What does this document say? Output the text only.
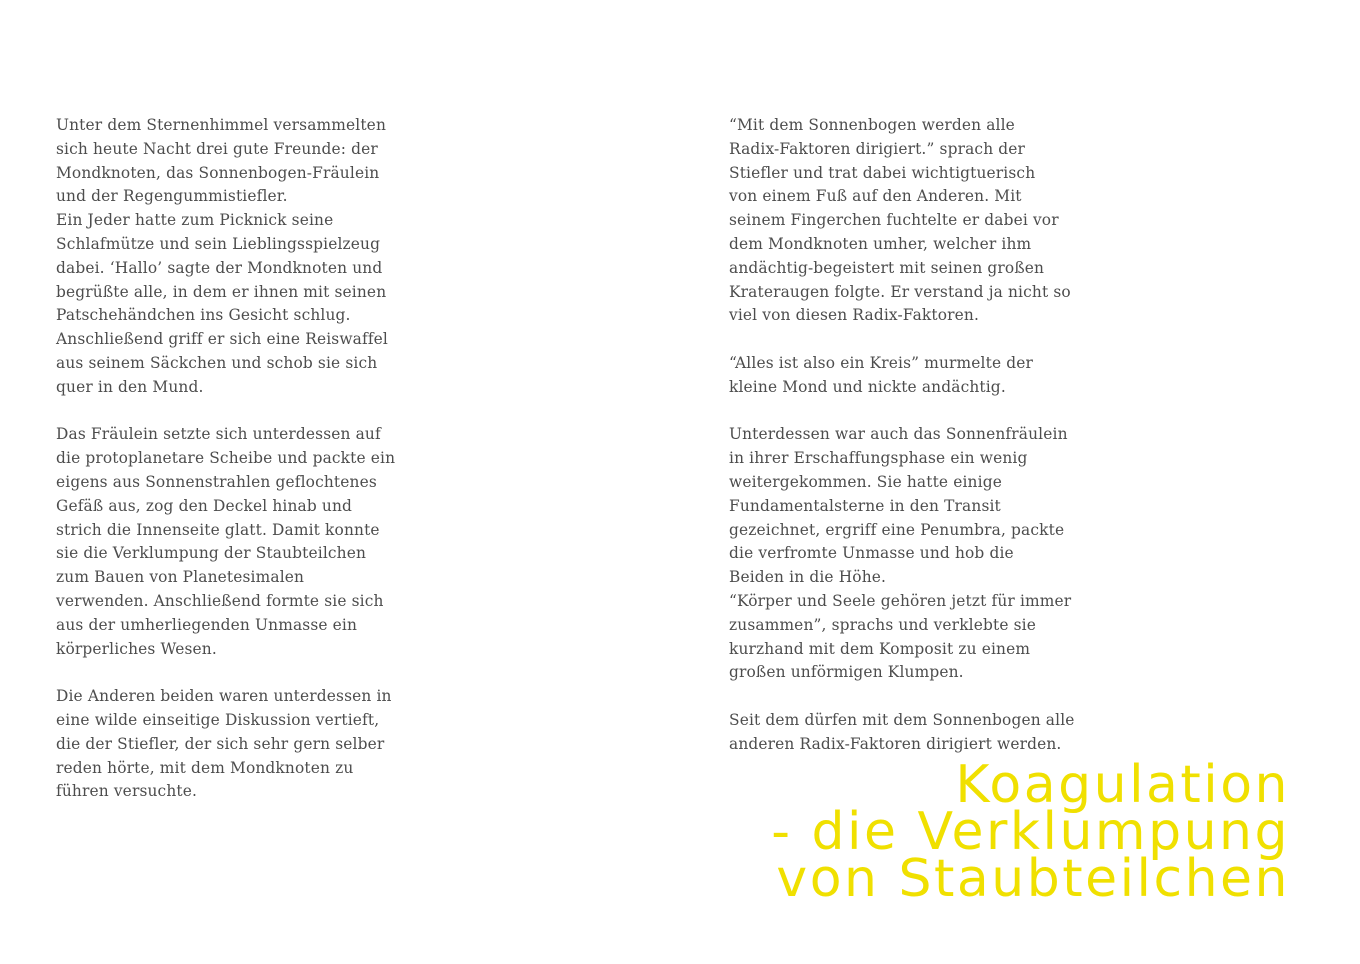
Unter dem Sternenhimmel versammelten
sich heute Nacht drei gute Freunde: der
Mondknoten, das Sonnenbogen-Fräulein
und der Regengummistiefler.

Ein Jeder hatte zum Picknick seine
Schlafmütze und sein Lieblingsspielzeug
dabei. ‘Hallo’ sagte der Mondknoten und
begrüßte alle, in dem er ihnen mit seinen
Patschehändchen ins Gesicht schlug.
Anschließend griff er sich eine Reiswaffel
aus seinem Säckchen und schob sie sich
quer in den Mund.

Das Fräulein setzte sich unterdessen auf
die protoplanetare Scheibe und packte ein
eigens aus Sonnenstrahlen geflochtenes
Gefäß aus, zog den Deckel hinab und
strich die Innenseite glatt. Damit konnte
sie die Verklumpung der Staubteilchen
zum Bauen von Planetesimalen
verwenden. Anschließend formte sie sich
aus der umherliegenden Unmasse ein
körperliches Wesen.

Die Anderen beiden waren unterdessen in
eine wilde einseitige Diskussion vertieft,
die der Stiefler, der sich sehr gern selber
reden hörte, mit dem Mondknoten zu
führen versuchte.

“Mit dem Sonnenbogen werden alle
Radix-Faktoren dirigiert.” sprach der
Stiefler und trat dabei wichtigtuerisch
von einem Fuß auf den Anderen. Mit
seinem Fingerchen fuchtelte er dabei vor
dem Mondknoten umher, welcher ihm
andächtig-begeistert mit seinen großen
Krateraugen folgte. Er verstand ja nicht so
viel von diesen Radix-Faktoren.

“Alles ist also ein Kreis” murmelte der
kleine Mond und nickte andächtig.

Unterdessen war auch das Sonnenfräulein
in ihrer Erschaffungsphase ein wenig
weitergekommen. Sie hatte einige
Fundamentalsterne in den Transit
gezeichnet, ergriff eine Penumbra, packte
die verfromte Unmasse und hob die
Beiden in die Höhe.

“Körper und Seele gehören jetzt für immer
zusammen”, sprachs und verklebte sie
kurzhand mit dem Komposit zu einem
großen unförmigen Klumpen.

Seit dem dürfen mit dem Sonnenbogen alle
anderen Radix-Faktoren dirigiert werden.

Koagulation
- die Verklumpung
von Staubteilchen
